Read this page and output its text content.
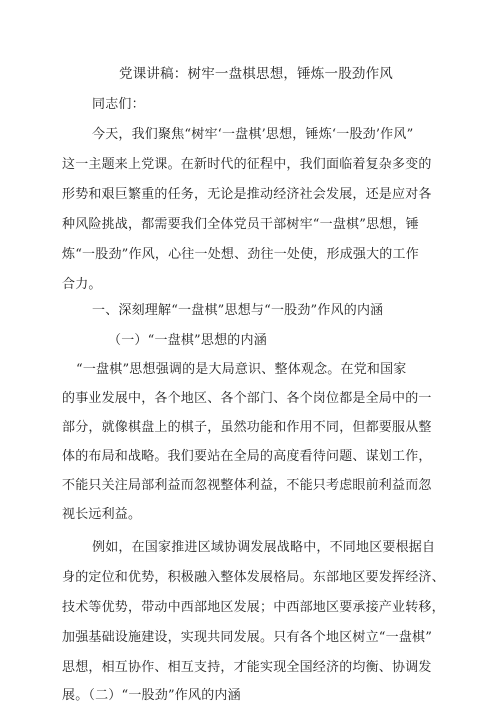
党课讲稿：树牢一盘棋思想，锤炼一股劲作风
同志们：
今天，我们聚焦“树牢‘一盘棋’思想，锤炼‘一股劲’作风”
这一主题来上党课。在新时代的征程中，我们面临着复杂多变的
形势和艰巨繁重的任务，无论是推动经济社会发展，还是应对各
种风险挑战，都需要我们全体党员干部树牢“一盘棋”思想，锤
炼“一股劲”作风，心往一处想、劲往一处使，形成强大的工作
合力。
一、深刻理解“一盘棋”思想与“一股劲”作风的内涵
（一）“一盘棋”思想的内涵
“一盘棋”思想强调的是大局意识、整体观念。在党和国家
的事业发展中，各个地区、各个部门、各个岗位都是全局中的一
部分，就像棋盘上的棋子，虽然功能和作用不同，但都要服从整
体的布局和战略。我们要站在全局的高度看待问题、谋划工作，
不能只关注局部利益而忽视整体利益，不能只考虑眼前利益而忽
视长远利益。
例如，在国家推进区域协调发展战略中，不同地区要根据自
身的定位和优势，积极融入整体发展格局。东部地区要发挥经济、
技术等优势，带动中西部地区发展；中西部地区要承接产业转移，
加强基础设施建设，实现共同发展。只有各个地区树立“一盘棋”
思想，相互协作、相互支持，才能实现全国经济的均衡、协调发
展。（二）“一股劲”作风的内涵
